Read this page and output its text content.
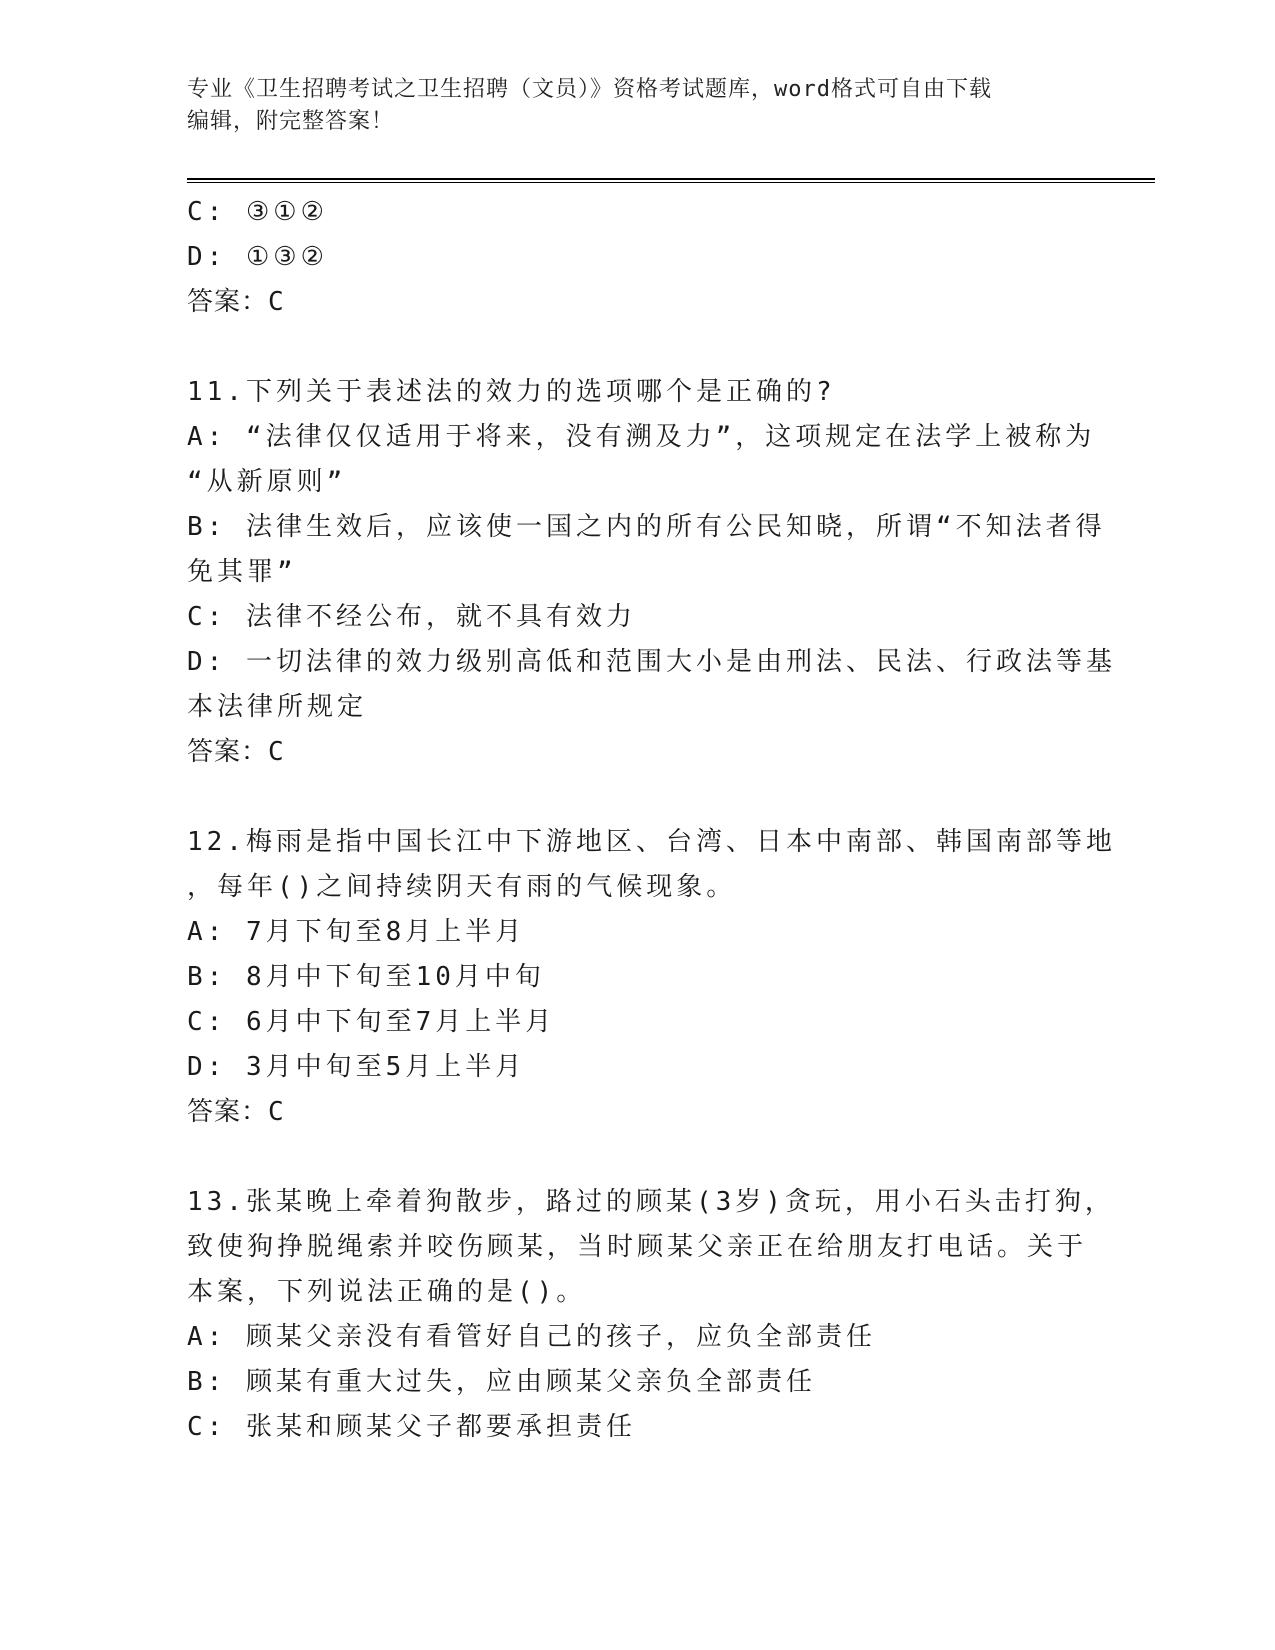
专业《卫生招聘考试之卫生招聘（文员）》资格考试题库，word格式可自由下载
编辑，附完整答案！
C: ③①②
D: ①③②
答案：C
11.下列关于表述法的效力的选项哪个是正确的?
A: “法律仅仅适用于将来，没有溯及力”，这项规定在法学上被称为
“从新原则”
B: 法律生效后，应该使一国之内的所有公民知晓，所谓“不知法者得
免其罪”
C: 法律不经公布，就不具有效力
D: 一切法律的效力级别高低和范围大小是由刑法、民法、行政法等基
本法律所规定
答案：C
12.梅雨是指中国长江中下游地区、台湾、日本中南部、韩国南部等地
，每年()之间持续阴天有雨的气候现象。
A: 7月下旬至8月上半月
B: 8月中下旬至10月中旬
C: 6月中下旬至7月上半月
D: 3月中旬至5月上半月
答案：C
13.张某晚上牵着狗散步，路过的顾某(3岁)贪玩，用小石头击打狗，
致使狗挣脱绳索并咬伤顾某，当时顾某父亲正在给朋友打电话。关于
本案，下列说法正确的是()。
A: 顾某父亲没有看管好自己的孩子，应负全部责任
B: 顾某有重大过失，应由顾某父亲负全部责任
C: 张某和顾某父子都要承担责任
